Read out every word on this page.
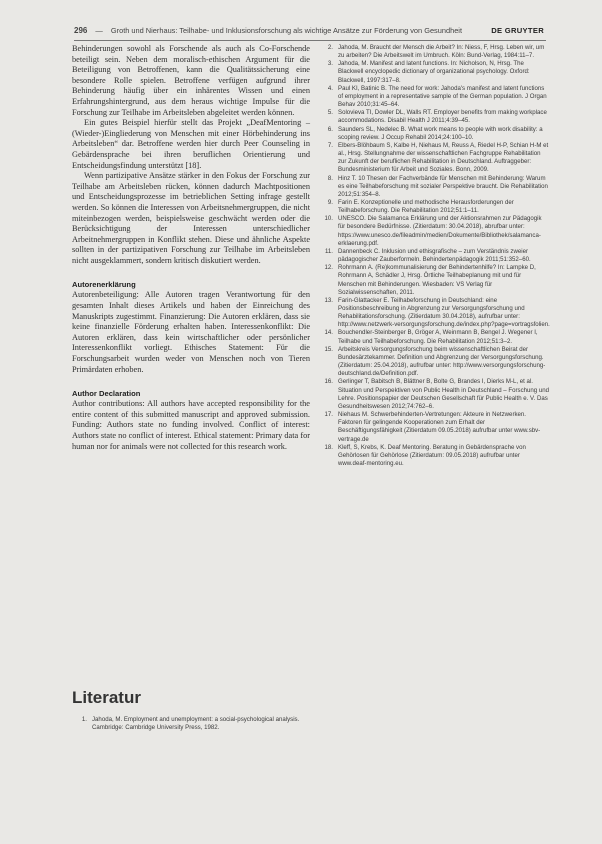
296 — Groth und Nierhaus: Teilhabe- und Inklusionsforschung als wichtige Ansätze zur Förderung von Gesundheit	DE GRUYTER

Behinderungen sowohl als Forschende als auch als Co-Forschende beteiligt sein. Neben dem moralisch-ethischen Argument für die Beteiligung von Betroffenen, kann die Qualitätssicherung eine besondere Rolle spielen. Betroffene verfügen aufgrund ihrer Behinderung häufig über ein inhärentes Wissen und einen Erfahrungshintergrund, aus dem heraus wichtige Impulse für die Forschung zur Teilhabe im Arbeitsleben abgeleitet werden können.

Ein gutes Beispiel hierfür stellt das Projekt „DeafMentoring – (Wieder-)Eingliederung von Menschen mit einer Hörbehinderung ins Arbeitsleben“ dar. Betroffene werden hier durch Peer Counseling in Gebärdensprache bei ihren beruflichen Orientierung und Entscheidungsfindung unterstützt [18].

Wenn partizipative Ansätze stärker in den Fokus der Forschung zur Teilhabe am Arbeitsleben rücken, können dadurch Machtpositionen und Entscheidungsprozesse im betrieblichen Setting infrage gestellt werden. So können die Interessen von Arbeitsnehmergruppen, die nicht miteinbezogen werden, beispielsweise geschwächt werden oder die Berücksichtigung der Interessen unterschiedlicher Arbeitnehmergruppen in Konflikt stehen. Diese und ähnliche Aspekte sollten in der partizipativen Forschung zur Teilhabe im Arbeitsleben nicht ausgeklammert, sondern kritisch diskutiert werden.

Autorenerklärung

Autorenbeteiligung: Alle Autoren tragen Verantwortung für den gesamten Inhalt dieses Artikels und haben der Einreichung des Manuskripts zugestimmt. Finanzierung: Die Autoren erklären, dass sie keine finanzielle Förderung erhalten haben. Interessenkonflikt: Die Autoren erklären, dass kein wirtschaftlicher oder persönlicher Interessenkonflikt vorliegt. Ethisches Statement: Für die Forschungsarbeit wurden weder von Menschen noch von Tieren Primärdaten erhoben.

Author Declaration

Author contributions: All authors have accepted responsibility for the entire content of this submitted manuscript and approved submission. Funding: Authors state no funding involved. Conflict of interest: Authors state no conflict of interest. Ethical statement: Primary data for human nor for animals were not collected for this research work.

Literatur
1. Jahoda, M. Employment and unemployment: a social-psychological analysis. Cambridge: Cambridge University Press, 1982.
2. Jahoda, M. Braucht der Mensch die Arbeit? In: Niess, F, Hrsg. Leben wir, um zu arbeiten? Die Arbeitswelt im Umbruch. Köln: Bund-Verlag, 1984:11–7.
3. Jahoda, M. Manifest and latent functions. In: Nicholson, N, Hrsg. The Blackwell encyclopedic dictionary of organizational psychology. Oxford: Blackwell, 1997:317–8.
4. Paul KI, Batinic B. The need for work: Jahoda's manifest and latent functions of employment in a representative sample of the German population. J Organ Behav 2010;31:45–64.
5. Solovieva TI, Dowler DL, Walls RT. Employer benefits from making workplace accommodations. Disabil Health J 2011;4:39–45.
6. Saunders SL, Nedelec B. What work means to people with work disability: a scoping review. J Occup Rehabil 2014;24:100–10.
7. Elbers-Blöhbaum S, Kalbe H, Niehaus M, Reuss A, Riedel H-P, Schian H-M et al., Hrsg. Stellungnahme der wissenschaftlichen Fachgruppe Rehabilitation zur Zukunft der beruflichen Rehabilitation in Deutschland. Auftraggeber: Bundesministerium für Arbeit und Soziales. Bonn, 2009.
8. Hinz T. 10 Thesen der Fachverbände für Menschen mit Behinderung: Warum es eine Teilhabeforschung mit sozialer Perspektive braucht. Die Rehabilitation 2012;51:354–8.
9. Farin E. Konzeptionelle und methodische Herausforderungen der Teilhabeforschung. Die Rehabilitation 2012;51:1–11.
10. UNESCO. Die Salamanca Erklärung und der Aktionsrahmen zur Pädagogik für besondere Bedürfnisse. (Zitierdatum: 30.04.2018), abrufbar unter: https://www.unesco.de/fileadmin/medien/Dokumente/Bibliothek/salamanca-erklaerung.pdf.
11. Dannenbeck C. Inklusion und ethisgrafische – zum Verständnis zweier pädagogischer Zauberformeln. Behindertenpädagogik 2011;51:352–60.
12. Rohrmann A. (Re)kommunalisierung der Behindertenhilfe? In: Lampke D, Rohrmann A, Schädler J, Hrsg. Örtliche Teilhabeplanung mit und für Menschen mit Behinderungen. Wiesbaden: VS Verlag für Sozialwissenschaften, 2011.
13. Farin-Glattacker E. Teilhabeforschung in Deutschland: eine Positionsbeschreibung in Abgrenzung zur Versorgungsforschung und Rehabilitationsforschung. (Zitierdatum 30.04.2018), aufrufbar unter: http://www.netzwerk-versorgungsforschung.de/index.php?page=vortragsfolien.
14. Bouchendler-Steinberger B, Gröger A, Weinmann B, Bengel J. Wegener I, Teilhabe und Teilhabeforschung. Die Rehabilitation 2012;51:3–2.
15. Arbeitskreis Versorgungsforschung beim wissenschaftlichen Beirat der Bundesärztekammer. Definition und Abgrenzung der Versorgungsforschung. (Zitierdatum: 25.04.2018), aufrufbar unter: http://www.versorgungsforschung-deutschland.de/Definition.pdf.
16. Gerlinger T, Babitsch B, Blättner B, Bolte G, Brandes I, Dierks M-L, et al. Situation und Perspektiven von Public Health in Deutschland – Forschung und Lehre. Positionspapier der Deutschen Gesellschaft für Public Health e. V. Das Gesundheitswesen 2012;74:762–6.
17. Niehaus M. Schwerbehinderten-Vertretungen: Akteure in Netzwerken. Faktoren für gelingende Kooperationen zum Erhalt der Beschäftigungsfähigkeit (Zitierdatum 09.05.2018) aufrufbar unter www.sbv-vertrage.de
18. Kleff, S, Krebs, K. Deaf Mentoring. Beratung in Gebärdensprache von Gehörlosen für Gehörlose (Zitierdatum: 09.05.2018) aufrufbar unter www.deaf-mentoring.eu.
